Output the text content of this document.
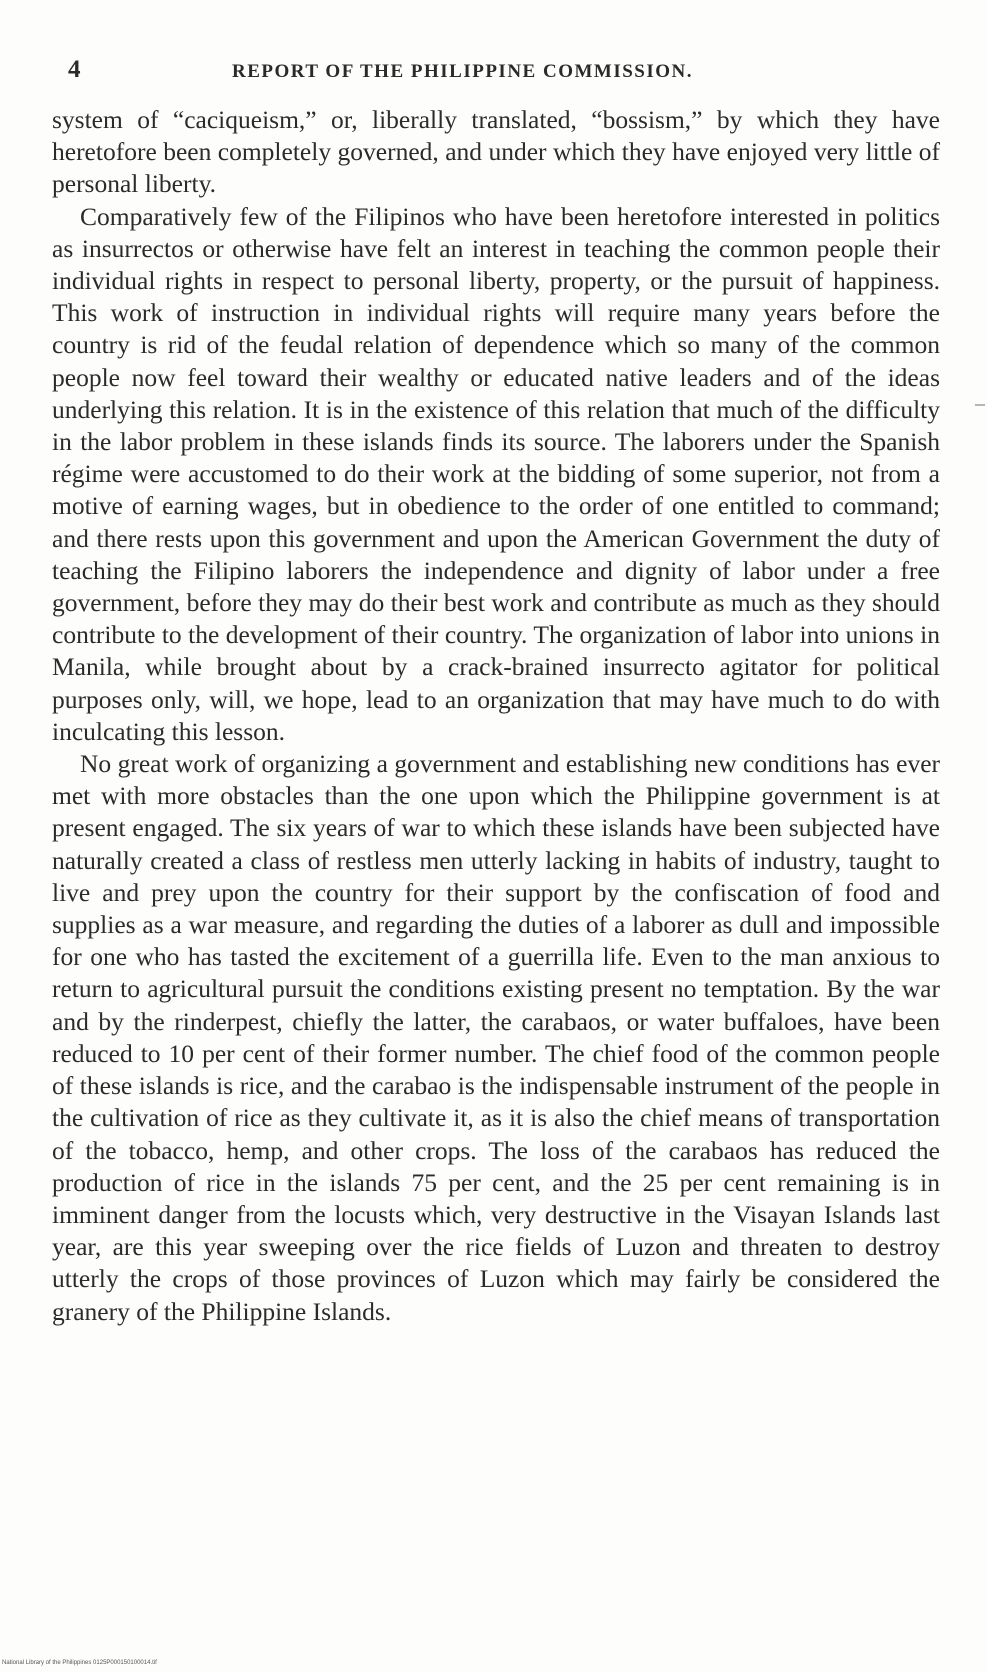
4	REPORT OF THE PHILIPPINE COMMISSION.

system of “caciqueism,” or, liberally translated, “bossism,” by which they have heretofore been completely governed, and under which they have enjoyed very little of personal liberty.

Comparatively few of the Filipinos who have been heretofore interested in politics as insurrectos or otherwise have felt an interest in teaching the common people their individual rights in respect to personal liberty, property, or the pursuit of happiness. This work of instruction in individual rights will require many years before the country is rid of the feudal relation of dependence which so many of the common people now feel toward their wealthy or educated native leaders and of the ideas underlying this relation. It is in the existence of this relation that much of the difficulty in the labor problem in these islands finds its source. The laborers under the Spanish régime were accustomed to do their work at the bidding of some superior, not from a motive of earning wages, but in obedience to the order of one entitled to command; and there rests upon this government and upon the American Government the duty of teaching the Filipino laborers the independence and dignity of labor under a free government, before they may do their best work and contribute as much as they should contribute to the development of their country. The organization of labor into unions in Manila, while brought about by a crack-brained insurrecto agitator for political purposes only, will, we hope, lead to an organization that may have much to do with inculcating this lesson.

No great work of organizing a government and establishing new conditions has ever met with more obstacles than the one upon which the Philippine government is at present engaged. The six years of war to which these islands have been subjected have naturally created a class of restless men utterly lacking in habits of industry, taught to live and prey upon the country for their support by the confiscation of food and supplies as a war measure, and regarding the duties of a laborer as dull and impossible for one who has tasted the excitement of a guerrilla life. Even to the man anxious to return to agricultural pursuit the conditions existing present no temptation. By the war and by the rinderpest, chiefly the latter, the carabaos, or water buffaloes, have been reduced to 10 per cent of their former number. The chief food of the common people of these islands is rice, and the carabao is the indispensable instrument of the people in the cultivation of rice as they cultivate it, as it is also the chief means of transportation of the tobacco, hemp, and other crops. The loss of the carabaos has reduced the production of rice in the islands 75 per cent, and the 25 per cent remaining is in imminent danger from the locusts which, very destructive in the Visayan Islands last year, are this year sweeping over the rice fields of Luzon and threaten to destroy utterly the crops of those provinces of Luzon which may fairly be considered the granery of the Philippine Islands.

National Library of the Philippines 0125P000150100014.tif
